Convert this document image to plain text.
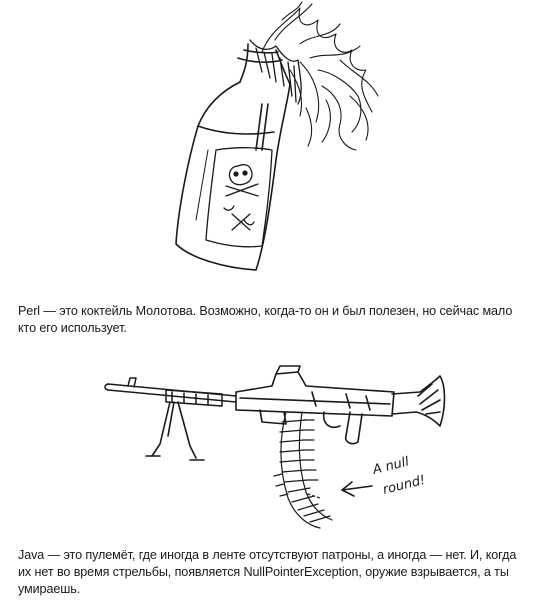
A null
round!

Perl — это коктейль Молотова. Возможно, когда-то он и был полезен, но сейчас мало кто его использует.

Java — это пулемёт, где иногда в ленте отсутствуют патроны, а иногда — нет. И, когда их нет во время стрельбы, появляется NullPointerException, оружие взрывается, а ты умираешь.
